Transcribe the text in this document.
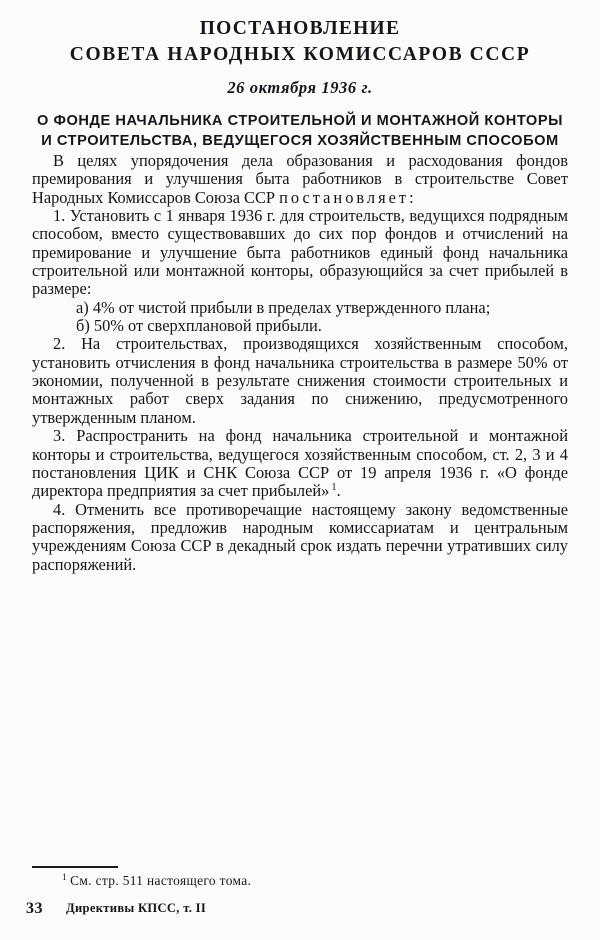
ПОСТАНОВЛЕНИЕ
СОВЕТА НАРОДНЫХ КОМИССАРОВ СССР
26 октября 1936 г.
О ФОНДЕ НАЧАЛЬНИКА СТРОИТЕЛЬНОЙ И МОНТАЖНОЙ КОНТОРЫ
И СТРОИТЕЛЬСТВА, ВЕДУЩЕГОСЯ ХОЗЯЙСТВЕННЫМ СПОСОБОМ

В целях упорядочения дела образования и расходования фондов премирования и улучшения быта работников в строительстве Совет Народных Комиссаров Союза ССР постановляет:

1. Установить с 1 января 1936 г. для строительств, ведущихся подрядным способом, вместо существовавших до сих пор фондов и отчислений на премирование и улучшение быта работников единый фонд начальника строительной или монтажной конторы, образующийся за счет прибылей в размере:

а) 4% от чистой прибыли в пределах утвержденного плана;

б) 50% от сверхплановой прибыли.

2. На строительствах, производящихся хозяйственным способом, установить отчисления в фонд начальника строительства в размере 50% от экономии, полученной в результате снижения стоимости строительных и монтажных работ сверх задания по снижению, предусмотренного утвержденным планом.

3. Распространить на фонд начальника строительной и монтажной конторы и строительства, ведущегося хозяйственным способом, ст. 2, 3 и 4 постановления ЦИК и СНК Союза ССР от 19 апреля 1936 г. «О фонде директора предприятия за счет прибылей» $^1$.

4. Отменить все противоречащие настоящему закону ведомственные распоряжения, предложив народным комиссариатам и центральным учреждениям Союза ССР в декадный срок издать перечни утративших силу распоряжений.

$^1$ См. стр. 511 настоящего тома.
33 Директивы КПСС, т. II
